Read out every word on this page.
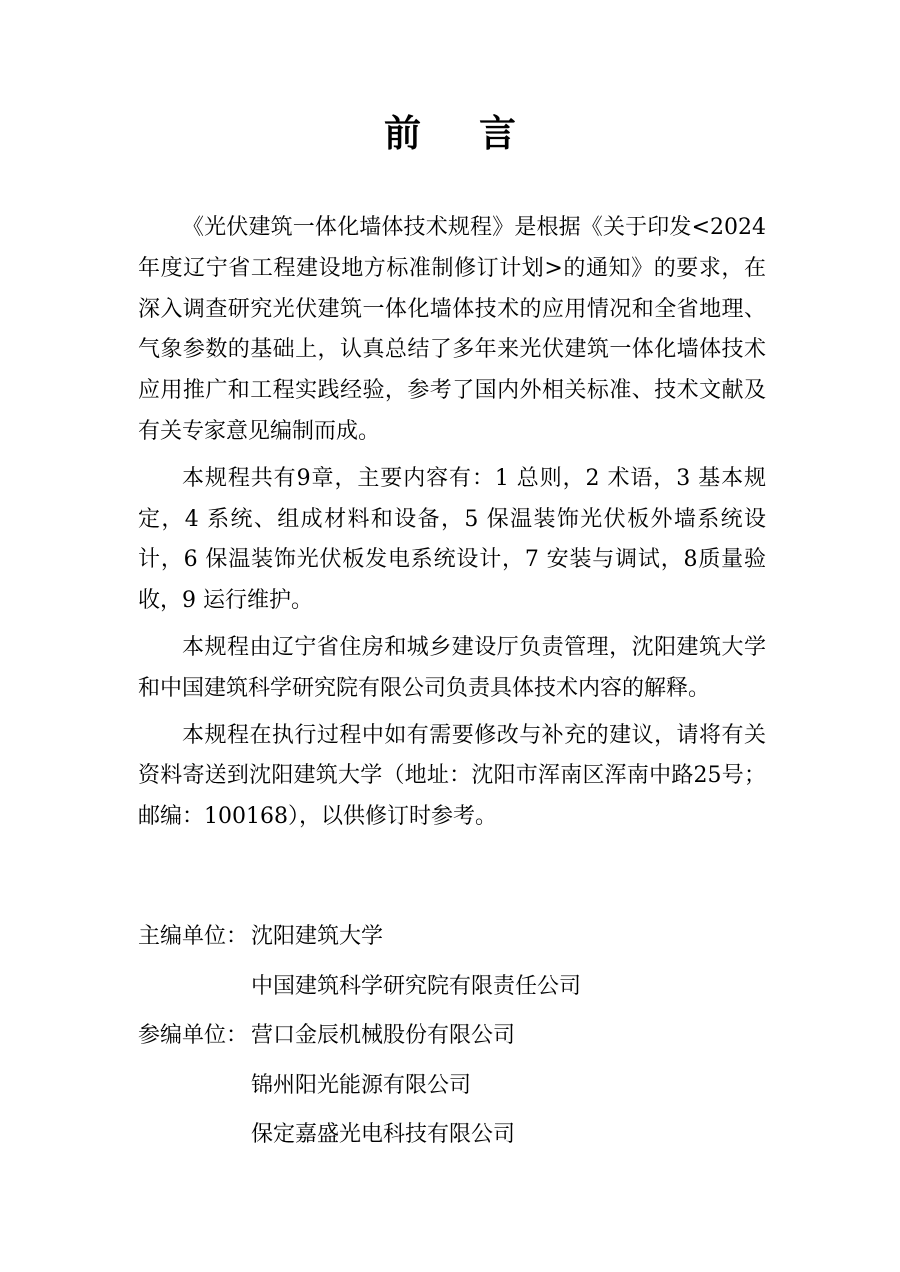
前言

《光伏建筑一体化墙体技术规程》是根据《关于印发<2024年度辽宁省工程建设地方标准制修订计划>的通知》的要求，在深入调查研究光伏建筑一体化墙体技术的应用情况和全省地理、气象参数的基础上，认真总结了多年来光伏建筑一体化墙体技术应用推广和工程实践经验，参考了国内外相关标准、技术文献及有关专家意见编制而成。

本规程共有9章，主要内容有：1 总则，2 术语，3 基本规定，4 系统、组成材料和设备，5 保温装饰光伏板外墙系统设计，6 保温装饰光伏板发电系统设计，7 安装与调试，8质量验收，9 运行维护。

本规程由辽宁省住房和城乡建设厅负责管理，沈阳建筑大学和中国建筑科学研究院有限公司负责具体技术内容的解释。

本规程在执行过程中如有需要修改与补充的建议，请将有关资料寄送到沈阳建筑大学（地址：沈阳市浑南区浑南中路25号；邮编：100168），以供修订时参考。

主编单位： 沈阳建筑大学
中国建筑科学研究院有限责任公司
参编单位： 营口金辰机械股份有限公司
锦州阳光能源有限公司
保定嘉盛光电科技有限公司
